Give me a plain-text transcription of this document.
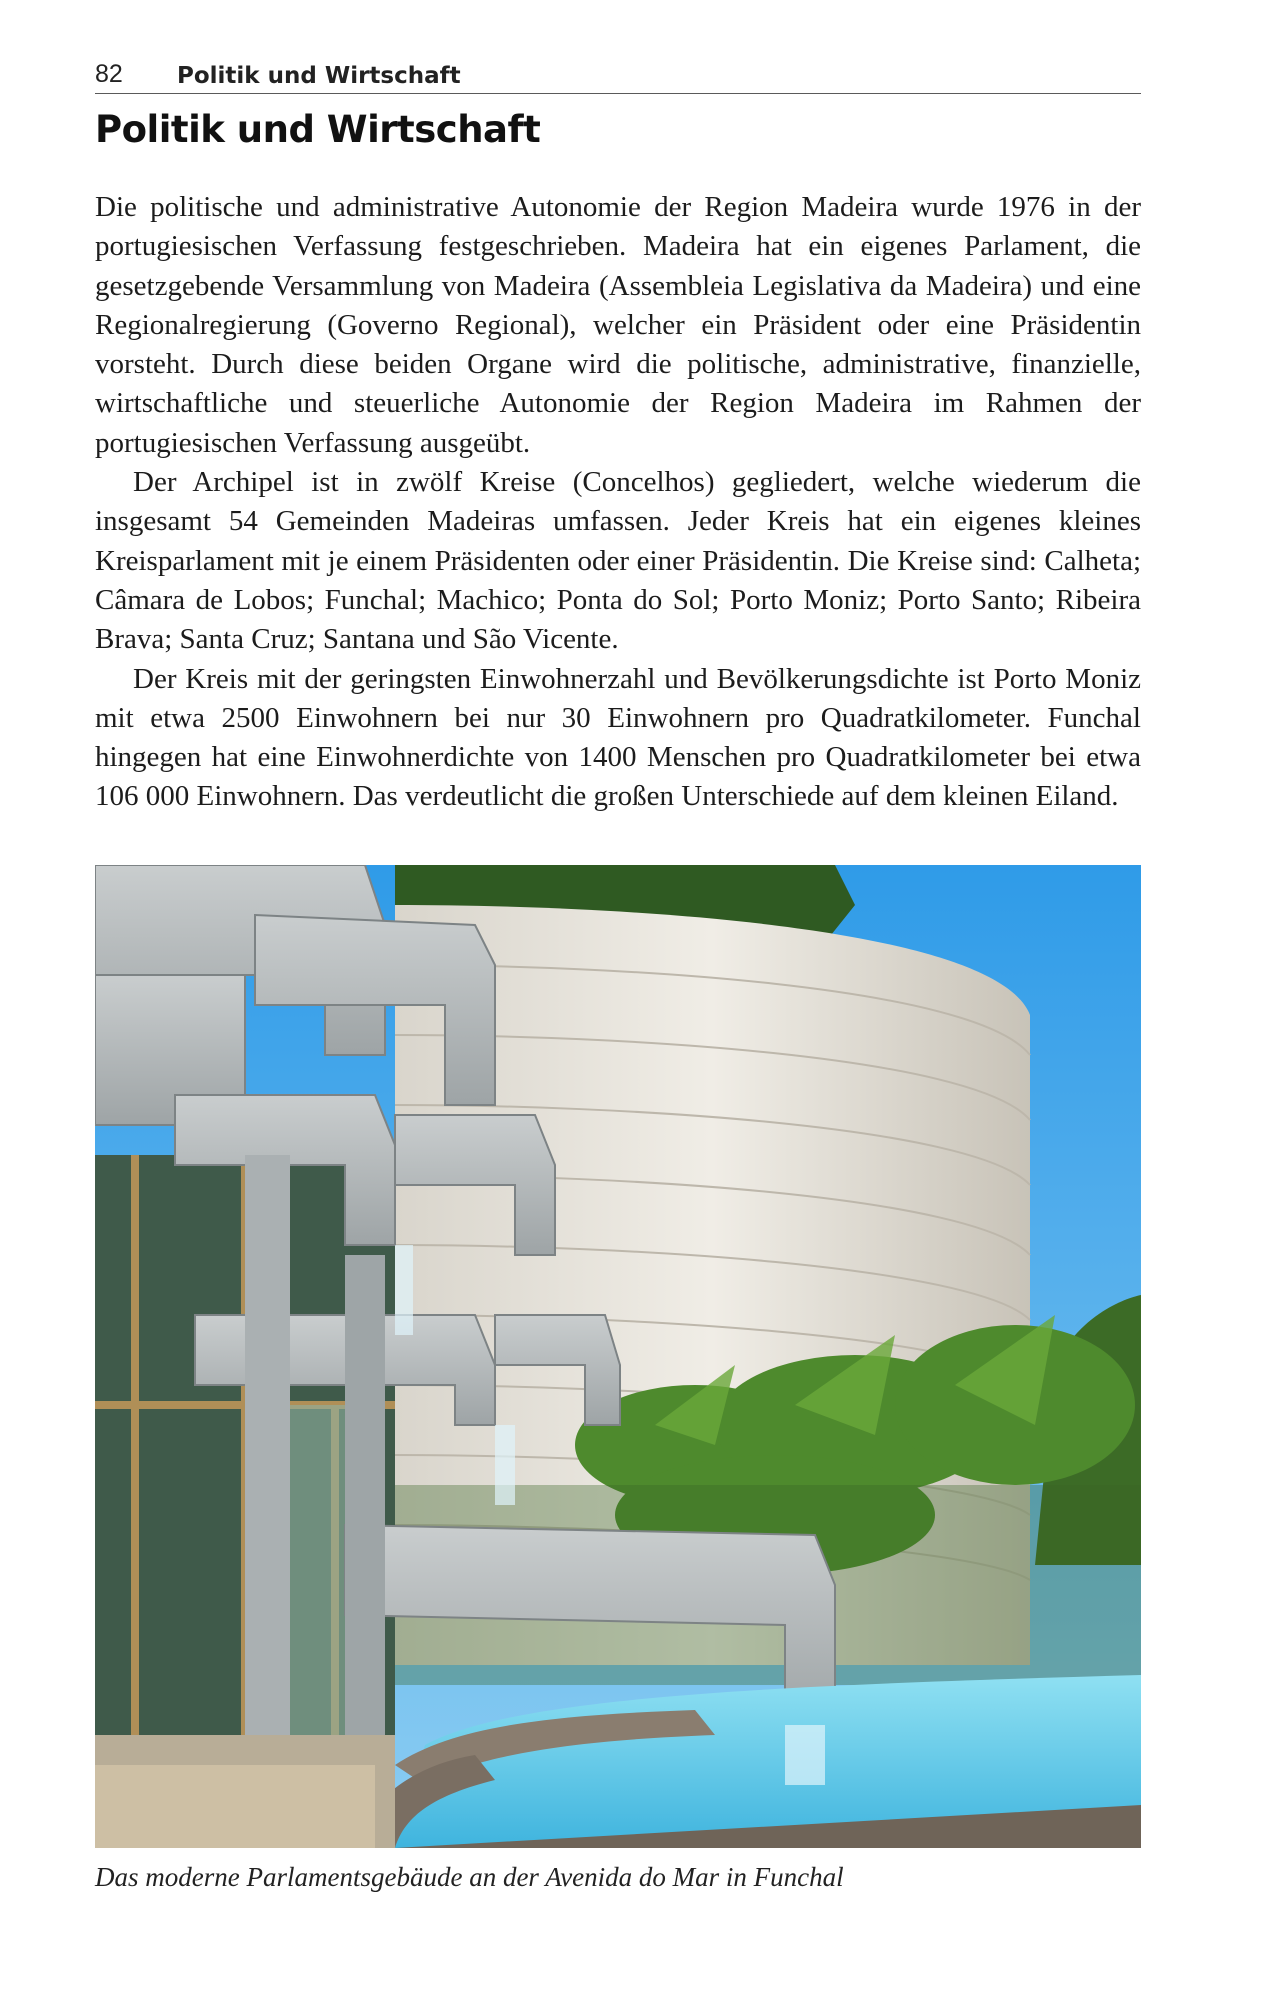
82	Politik und Wirtschaft
Politik und Wirtschaft

Die politische und administrative Autonomie der Region Madeira wurde 1976 in der portugiesischen Verfassung festgeschrieben. Madeira hat ein eigenes Parlament, die gesetzgebende Versammlung von Madeira (Assembleia Legislativa da Madeira) und eine Regionalregierung (Governo Regional), welcher ein Präsident oder eine Präsidentin vorsteht. Durch diese beiden Organe wird die politische, administrative, finanzielle, wirtschaftliche und steuerliche Autonomie der Region Madeira im Rahmen der portugiesischen Verfassung ausgeübt.

Der Archipel ist in zwölf Kreise (Concelhos) gegliedert, welche wiederum die insgesamt 54 Gemeinden Madeiras umfassen. Jeder Kreis hat ein eigenes kleines Kreisparlament mit je einem Präsidenten oder einer Präsidentin. Die Kreise sind: Calheta; Câmara de Lobos; Funchal; Machico; Ponta do Sol; Porto Moniz; Porto Santo; Ribeira Brava; Santa Cruz; Santana und São Vicente.

Der Kreis mit der geringsten Einwohnerzahl und Bevölkerungsdichte ist Porto Moniz mit etwa 2500 Einwohnern bei nur 30 Einwohnern pro Quadratkilometer. Funchal hingegen hat eine Einwohnerdichte von 1400 Menschen pro Quadratkilometer bei etwa 106 000 Einwohnern. Das verdeutlicht die großen Unterschiede auf dem kleinen Eiland.

Das moderne Parlamentsgebäude an der Avenida do Mar in Funchal
